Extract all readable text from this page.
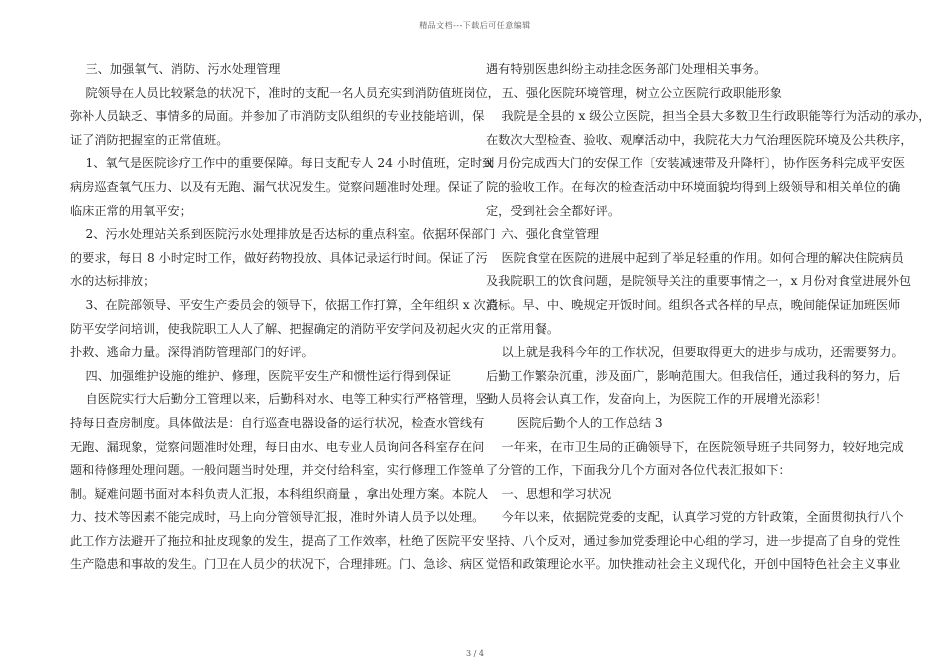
精品文档---下载后可任意编辑

三、加强氧气、消防、污水处理管理

院领导在人员比较紧急的状况下，准时的支配一名人员充实到消防值班岗位，

弥补人员缺乏、事情多的局面。并参加了市消防支队组织的专业技能培训，保

证了消防把握室的正常值班。

1、氧气是医院诊疗工作中的重要保障。每日支配专人 24 小时值班，定时到

病房巡查氧气压力、以及有无跑、漏气状况发生。觉察问题准时处理。保证了

临床正常的用氧平安；

2、污水处理站关系到医院污水处理排放是否达标的重点科室。依据环保部门

的要求，每日 8 小时定时工作，做好药物投放、具体记录运行时间。保证了污

水的达标排放；

3、在院部领导、平安生产委员会的领导下，依据工作打算，全年组织 x 次消

防平安学问培训，使我院职工人人了解、把握确定的消防平安学问及初起火灾

扑救、逃命力量。深得消防管理部门的好评。

四、加强维护设施的维护、修理，医院平安生产和惯性运行得到保证

自医院实行大后勤分工管理以来，后勤科对水、电等工种实行严格管理，坚

持每日查房制度。具体做法是：自行巡查电器设备的运行状况，检查水管线有

无跑、漏现象，觉察问题准时处理，每日由水、电专业人员询问各科室存在问

题和待修理处理问题。一般问题当时处理，并交付给科室，实行修理工作签单

制。疑难问题书面对本科负责人汇报，本科组织商量 ，拿出处理方案。本院人

力、技术等因素不能完成时，马上向分管领导汇报，准时外请人员予以处理。

此工作方法避开了拖拉和扯皮现象的发生，提高了工作效率，杜绝了医院平安

生产隐患和事故的发生。门卫在人员少的状况下，合理排班。门、急诊、病区

遇有特别医患纠纷主动挂念医务部门处理相关事务。

五、强化医院环境管理，树立公立医院行政职能形象

我院是全县的 x 级公立医院，担当全县大多数卫生行政职能等行为活动的承办，

在数次大型检查、验收、观摩活动中，我院花大力气治理医院环境及公共秩序，

x 月份完成西大门的安保工作〔安装减速带及升降杆〕，协作医务科完成平安医

院的验收工作。在每次的检查活动中环境面貌均得到上级领导和相关单位的确

定，受到社会全都好评。

六、强化食堂管理

医院食堂在医院的进展中起到了举足轻重的作用。如何合理的解决住院病员

及我院职工的饮食问题，是院领导关注的重要事情之一，x 月份对食堂进展外包

竞标。早、中、晚规定开饭时间。组织各式各样的早点，晚间能保证加班医师

的正常用餐。

以上就是我科今年的工作状况，但要取得更大的进步与成功，还需要努力。

后勤工作繁杂沉重，涉及面广，影响范围大。但我信任，通过我科的努力，后

勤人员将会认真工作，发奋向上，为医院工作的开展增光添彩！

医院后勤个人的工作总结 3

一年来，在市卫生局的正确领导下，在医院领导班子共同努力，较好地完成

了分管的工作，下面我分几个方面对各位代表汇报如下：

一、思想和学习状况

今年以来，依据院党委的支配，认真学习党的方针政策，全面贯彻执行八个

坚持、八个反对，通过参加党委理论中心组的学习，进一步提高了自身的党性

觉悟和政策理论水平。加快推动社会主义现代化，开创中国特色社会主义事业

3 / 4
